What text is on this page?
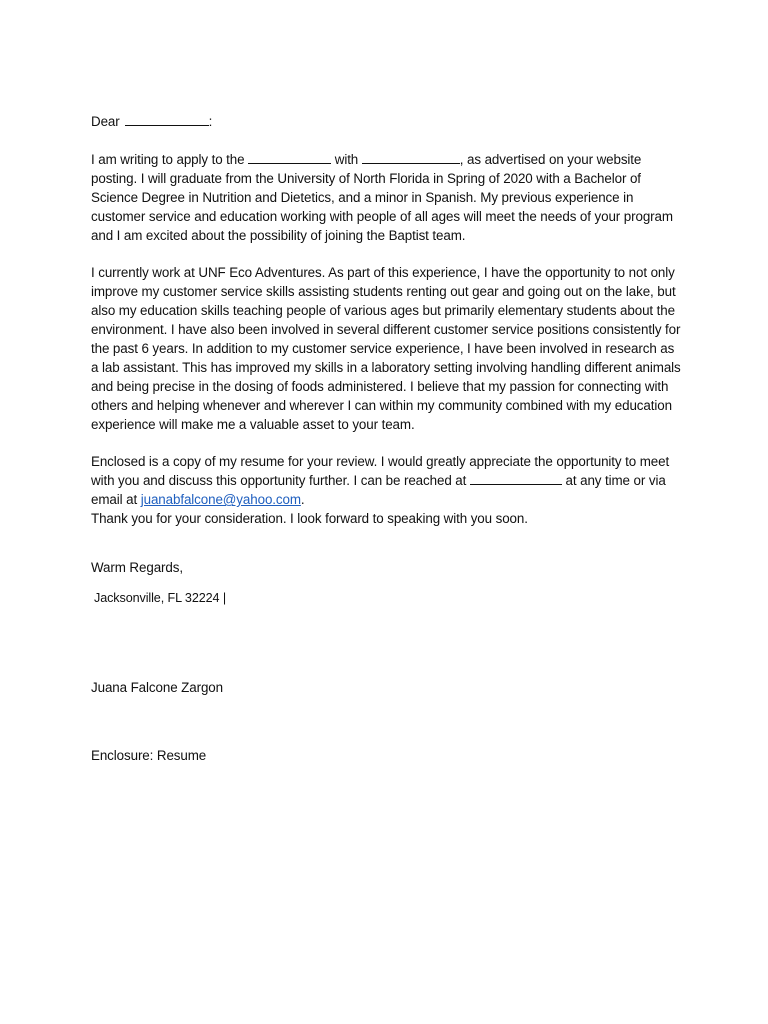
Dear	:

I am writing to apply to the	with	, as advertised on your website posting. I will graduate from the University of North Florida in Spring of 2020 with a Bachelor of Science Degree in Nutrition and Dietetics, and a minor in Spanish. My previous experience in customer service and education working with people of all ages will meet the needs of your program and I am excited about the possibility of joining the Baptist team.

I currently work at UNF Eco Adventures. As part of this experience, I have the opportunity to not only improve my customer service skills assisting students renting out gear and going out on the lake, but also my education skills teaching people of various ages but primarily elementary students about the environment. I have also been involved in several different customer service positions consistently for the past 6 years. In addition to my customer service experience, I have been involved in research as a lab assistant. This has improved my skills in a laboratory setting involving handling different animals and being precise in the dosing of foods administered. I believe that my passion for connecting with others and helping whenever and wherever I can within my community combined with my education experience will make me a valuable asset to your team.

Enclosed is a copy of my resume for your review. I would greatly appreciate the opportunity to meet with you and discuss this opportunity further. I can be reached at	at any time or via email at juanabfalcone@yahoo.com.

Thank you for your consideration. I look forward to speaking with you soon.

Warm Regards,

Jacksonville, FL 32224 |

Juana Falcone Zargon

Enclosure: Resume
